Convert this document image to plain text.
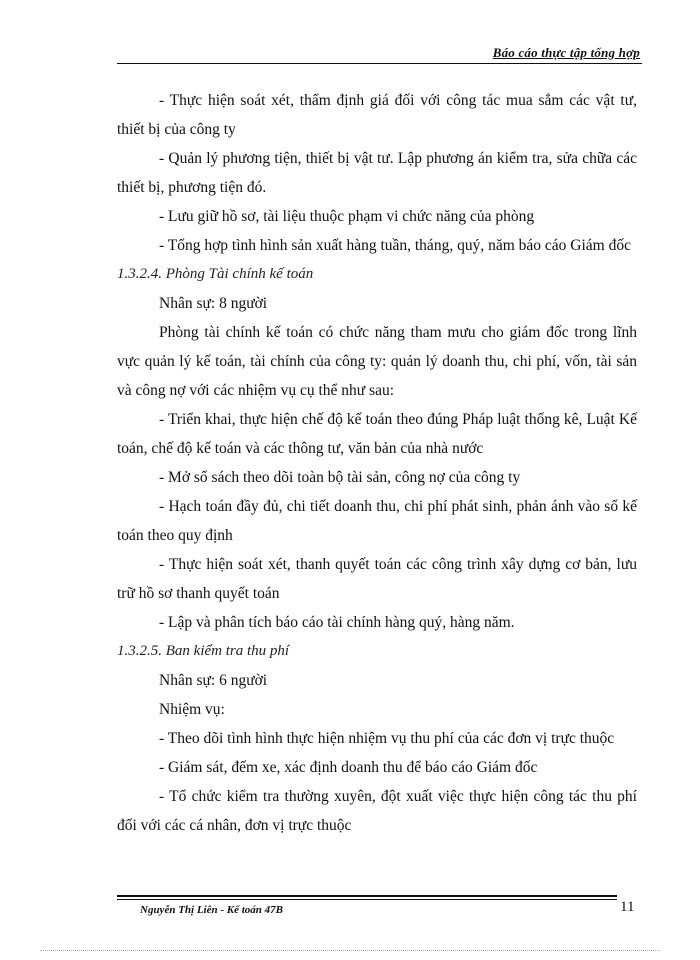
Báo cáo thực tập tổng hợp

- Thực hiện soát xét, thẩm định giá đối với công tác mua sắm các vật tư, thiết bị của công ty

- Quản lý phương tiện, thiết bị vật tư. Lập phương án kiểm tra, sửa chữa các thiết bị, phương tiện đó.

- Lưu giữ hồ sơ, tài liệu thuộc phạm vi chức năng của phòng

- Tổng hợp tình hình sản xuất hàng tuần, tháng, quý, năm báo cáo Giám đốc

1.3.2.4. Phòng Tài chính kế toán

Nhân sự: 8 người

Phòng tài chính kế toán có chức năng tham mưu cho giám đốc trong lĩnh vực quản lý kế toán, tài chính của công ty: quản lý doanh thu, chi phí, vốn, tài sản và công nợ với các nhiệm vụ cụ thể như sau:

- Triển khai, thực hiện chế độ kế toán theo đúng Pháp luật thống kê, Luật Kế toán, chế độ kế toán và các thông tư, văn bản của nhà nước

- Mở sổ sách theo dõi toàn bộ tài sản, công nợ của công ty

- Hạch toán đầy đủ, chi tiết doanh thu, chi phí phát sinh, phản ánh vào sổ kế toán theo quy định

- Thực hiện soát xét, thanh quyết toán các công trình xây dựng cơ bản, lưu trữ hồ sơ thanh quyết toán

- Lập và phân tích báo cáo tài chính hàng quý, hàng năm.

1.3.2.5. Ban kiểm tra thu phí

Nhân sự: 6 người

Nhiệm vụ:

- Theo dõi tình hình thực hiện nhiệm vụ thu phí của các đơn vị trực thuộc

- Giám sát, đếm xe, xác định doanh thu để báo cáo Giám đốc

- Tổ chức kiểm tra thường xuyên, đột xuất việc thực hiện công tác thu phí đối với các cá nhân, đơn vị trực thuộc

Nguyễn Thị Liên - Kế toán 47B	11
